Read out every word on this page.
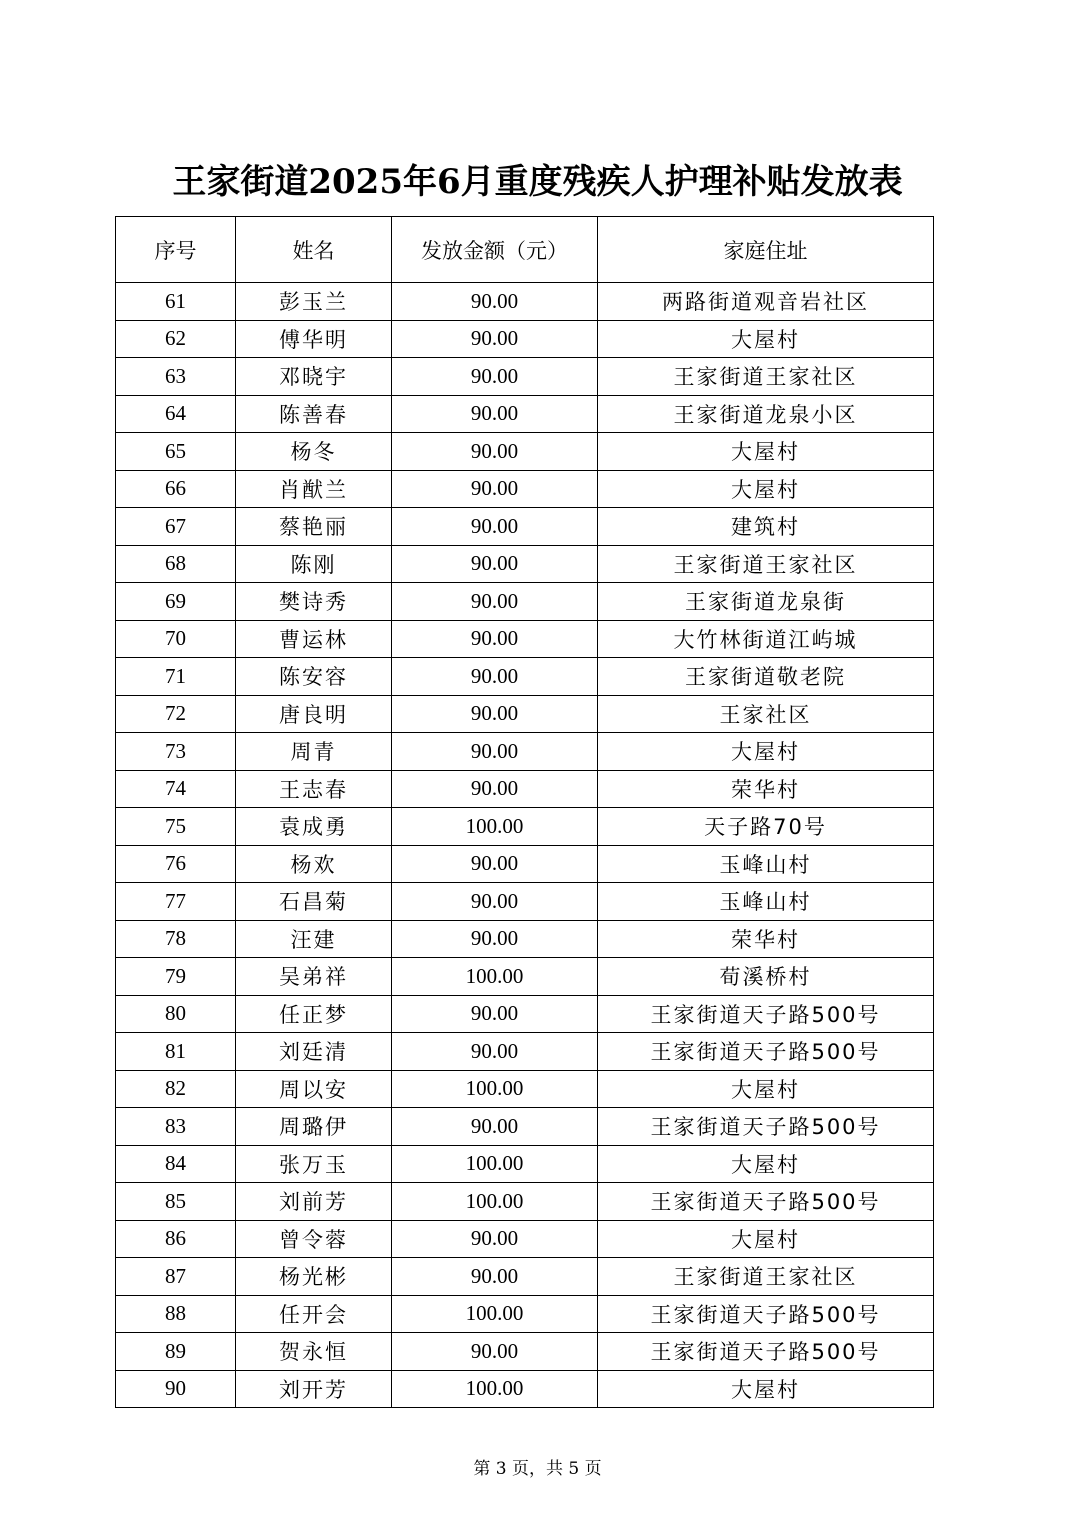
王家街道2025年6月重度残疾人护理补贴发放表
序号	姓名	发放金额（元）	家庭住址
61	彭玉兰	90.00	两路街道观音岩社区
62	傅华明	90.00	大屋村
63	邓晓宇	90.00	王家街道王家社区
64	陈善春	90.00	王家街道龙泉小区
65	杨冬	90.00	大屋村
66	肖猷兰	90.00	大屋村
67	蔡艳丽	90.00	建筑村
68	陈刚	90.00	王家街道王家社区
69	樊诗秀	90.00	王家街道龙泉街
70	曹运林	90.00	大竹林街道江屿城
71	陈安容	90.00	王家街道敬老院
72	唐良明	90.00	王家社区
73	周青	90.00	大屋村
74	王志春	90.00	荣华村
75	袁成勇	100.00	天子路70号
76	杨欢	90.00	玉峰山村
77	石昌菊	90.00	玉峰山村
78	汪建	90.00	荣华村
79	吴弟祥	100.00	荀溪桥村
80	任正梦	90.00	王家街道天子路500号
81	刘廷清	90.00	王家街道天子路500号
82	周以安	100.00	大屋村
83	周璐伊	90.00	王家街道天子路500号
84	张万玉	100.00	大屋村
85	刘前芳	100.00	王家街道天子路500号
86	曾令蓉	90.00	大屋村
87	杨光彬	90.00	王家街道王家社区
88	任开会	100.00	王家街道天子路500号
89	贺永恒	90.00	王家街道天子路500号
90	刘开芳	100.00	大屋村
第 3 页，共 5 页
